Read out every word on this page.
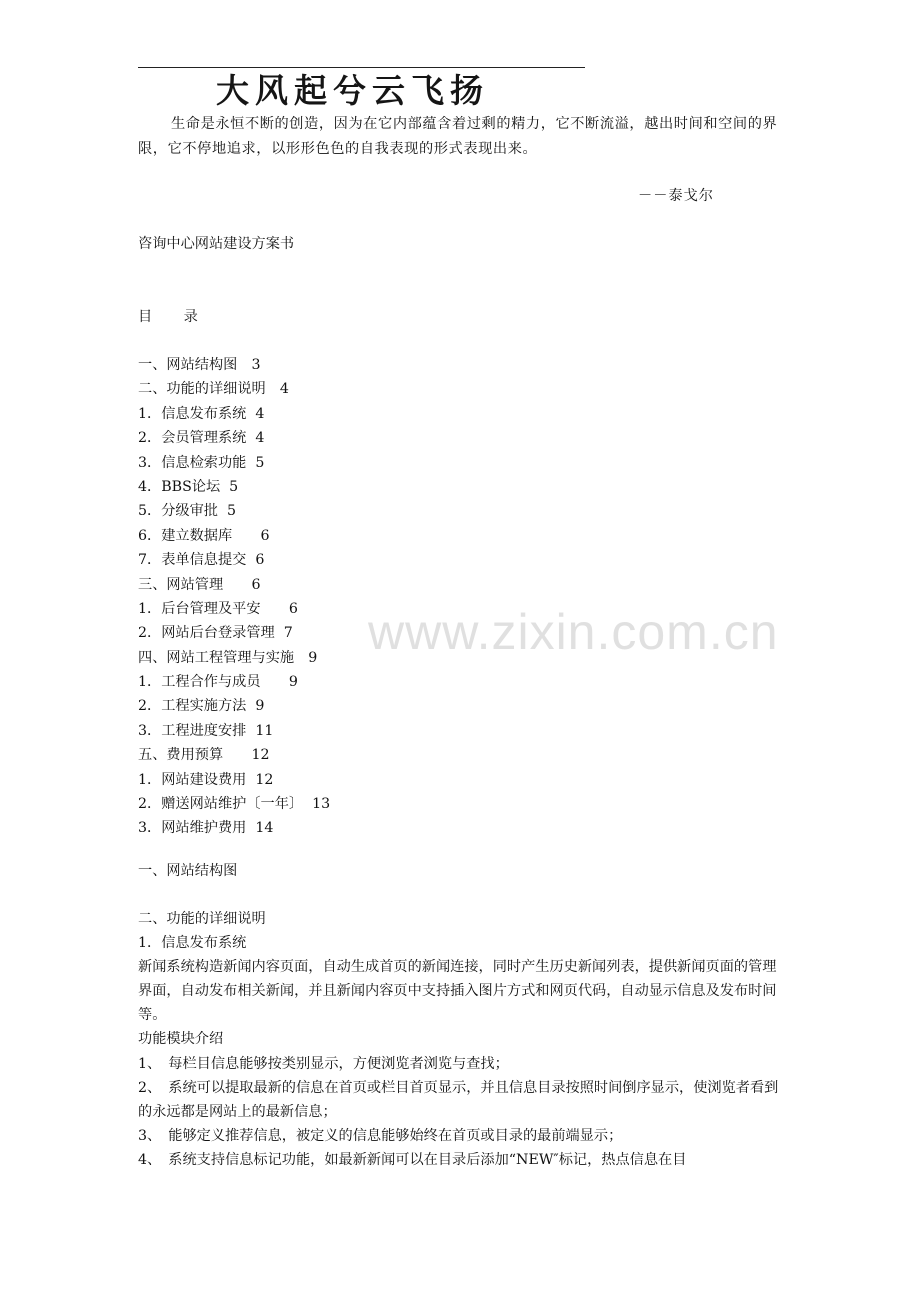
大风起兮云飞扬
生命是永恒不断的创造，因为在它内部蕴含着过剩的精力，它不断流溢，越出时间和空间的界限，它不停地追求，以形形色色的自我表现的形式表现出来。
－－泰戈尔
咨询中心网站建设方案书
目　　录
一、网站结构图　3
二、功能的详细说明　4
1．信息发布系统  4
2．会员管理系统  4
3．信息检索功能  5
4．BBS论坛  5
5．分级审批  5
6．建立数据库　　6
7．表单信息提交  6
三、网站管理　　6
1．后台管理及平安　　6
2．网站后台登录管理  7
四、网站工程管理与实施　9
1．工程合作与成员　　9
2．工程实施方法  9
3．工程进度安排  11
五、费用预算　　12
1．网站建设费用  12
2．赠送网站维护〔一年〕  13
3．网站维护费用  14
一、网站结构图

二、功能的详细说明

1．信息发布系统

新闻系统构造新闻内容页面，自动生成首页的新闻连接，同时产生历史新闻列表，提供新闻页面的管理界面，自动发布相关新闻，并且新闻内容页中支持插入图片方式和网页代码，自动显示信息及发布时间等。

功能模块介绍

1、　每栏目信息能够按类别显示，方便浏览者浏览与查找；

2、　系统可以提取最新的信息在首页或栏目首页显示，并且信息目录按照时间倒序显示，使浏览者看到的永远都是网站上的最新信息；

3、　能够定义推荐信息，被定义的信息能够始终在首页或目录的最前端显示；

4、　系统支持信息标记功能，如最新新闻可以在目录后添加“NEW″标记，热点信息在目

www.zixin.com.cn
